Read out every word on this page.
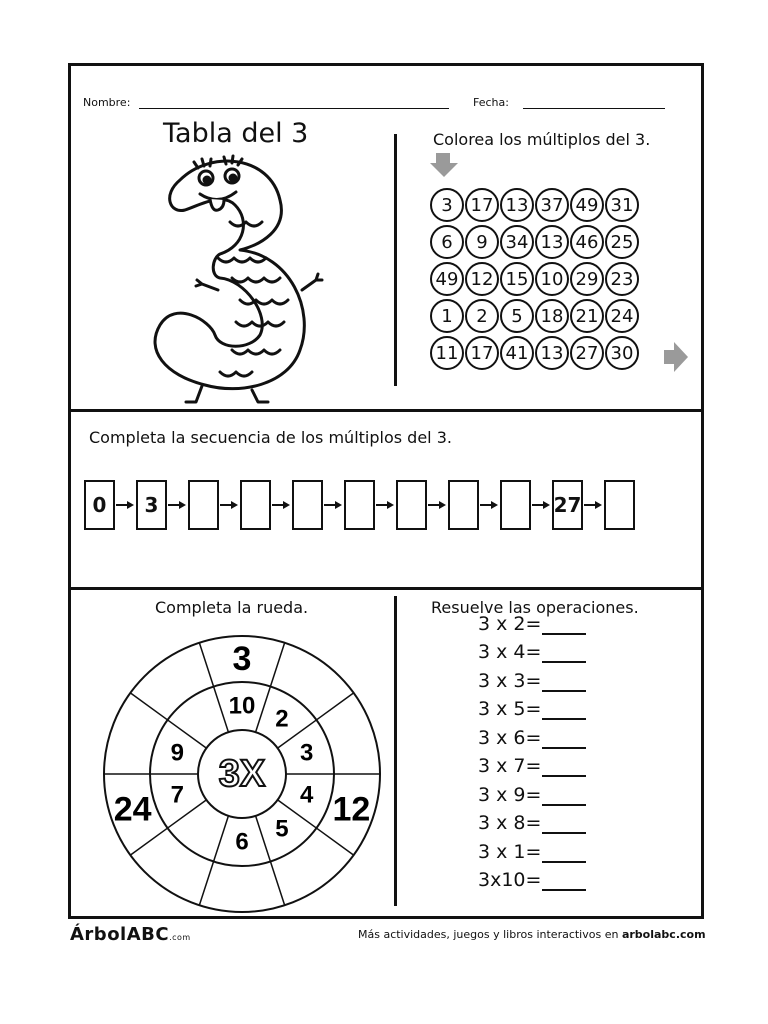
Nombre:	Fecha:
Tabla del 3	Colorea los múltiplos del 3.
Completa la secuencia de los múltiplos del 3.
Completa la rueda.	Resuelve las operaciones.
3 17 13 37 49 31
6	9 34 13 46 25
49 12 15 10 29 23
1	2	5 18 21 24
11 17 41 13 27 30
0	3	27
3X
10 2
3
4
5
6
7
9
3
12
24
3 x 2=
3 x 4=
3 x 3=
3 x 5=
3 x 6=
3 x 7=
3 x 9=
3 x 8=
3 x 1=
3x10=
ÁrbolABC.com	Más actividades, juegos y libros interactivos en arbolabc.com
